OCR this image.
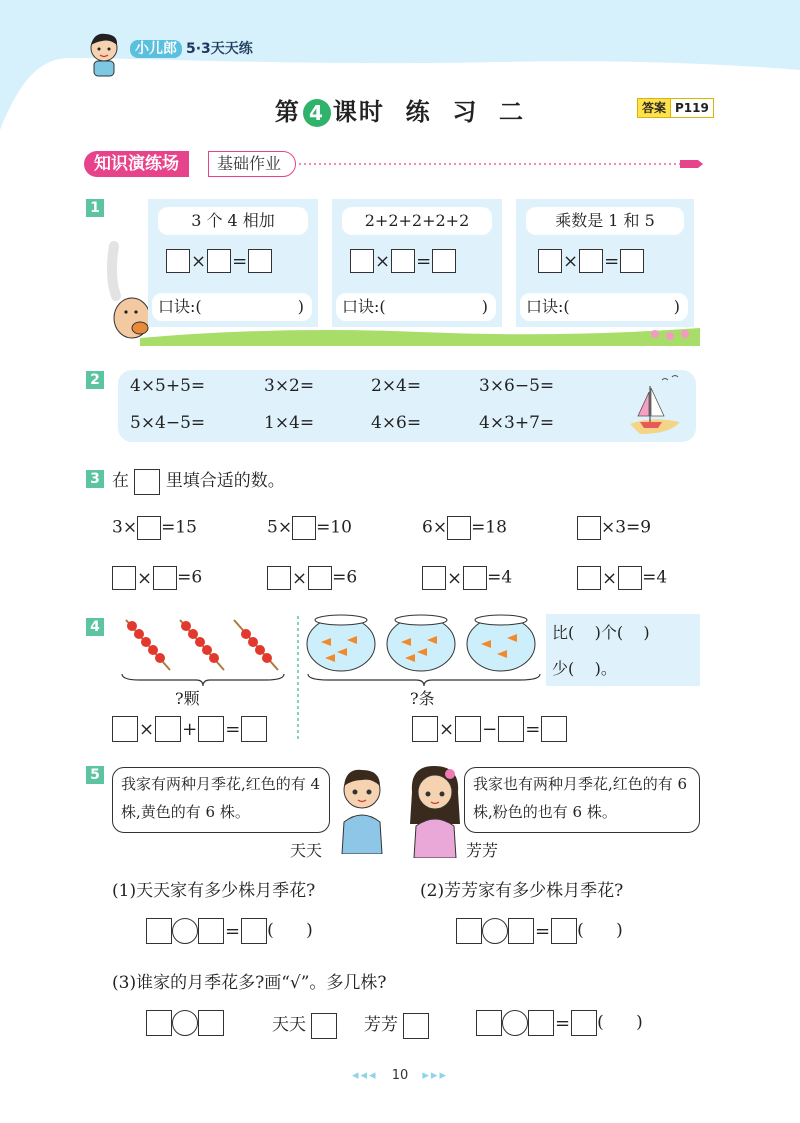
小儿郎 5·3天天练
第 4 课时  练  习  二	答案 P119
知识演练场	基础作业
1
3 个 4 相加
× =
口诀:(	)
2+2+2+2+2
× =
口诀:(	)
乘数是 1 和 5
× =
口诀:(	)
2 4×5+5=	3×2=	2×4=	3×6−5=
5×4−5=	1×4=	4×6=	4×3+7=
3 在 里填合适的数。
3× =15	5× =10	6× =18	×3=9
× =6	× =6	× =4	× =4
4
?颗
× + =
?条
× − =
比(    )个(    )
少(    )。
5	我家有两种月季花,红色的有 4 株,黄色的有 6 株。
我家也有两种月季花,红色的有 6 株,粉色的也有 6 株。
天天	芳芳
(1)天天家有多少株月季花?	(2)芳芳家有多少株月季花?
= (      )	= (      )
(3)谁家的月季花多?画“√”。多几株?
天天	芳芳	= (      )
◂◂◂ 10 ▸▸▸
